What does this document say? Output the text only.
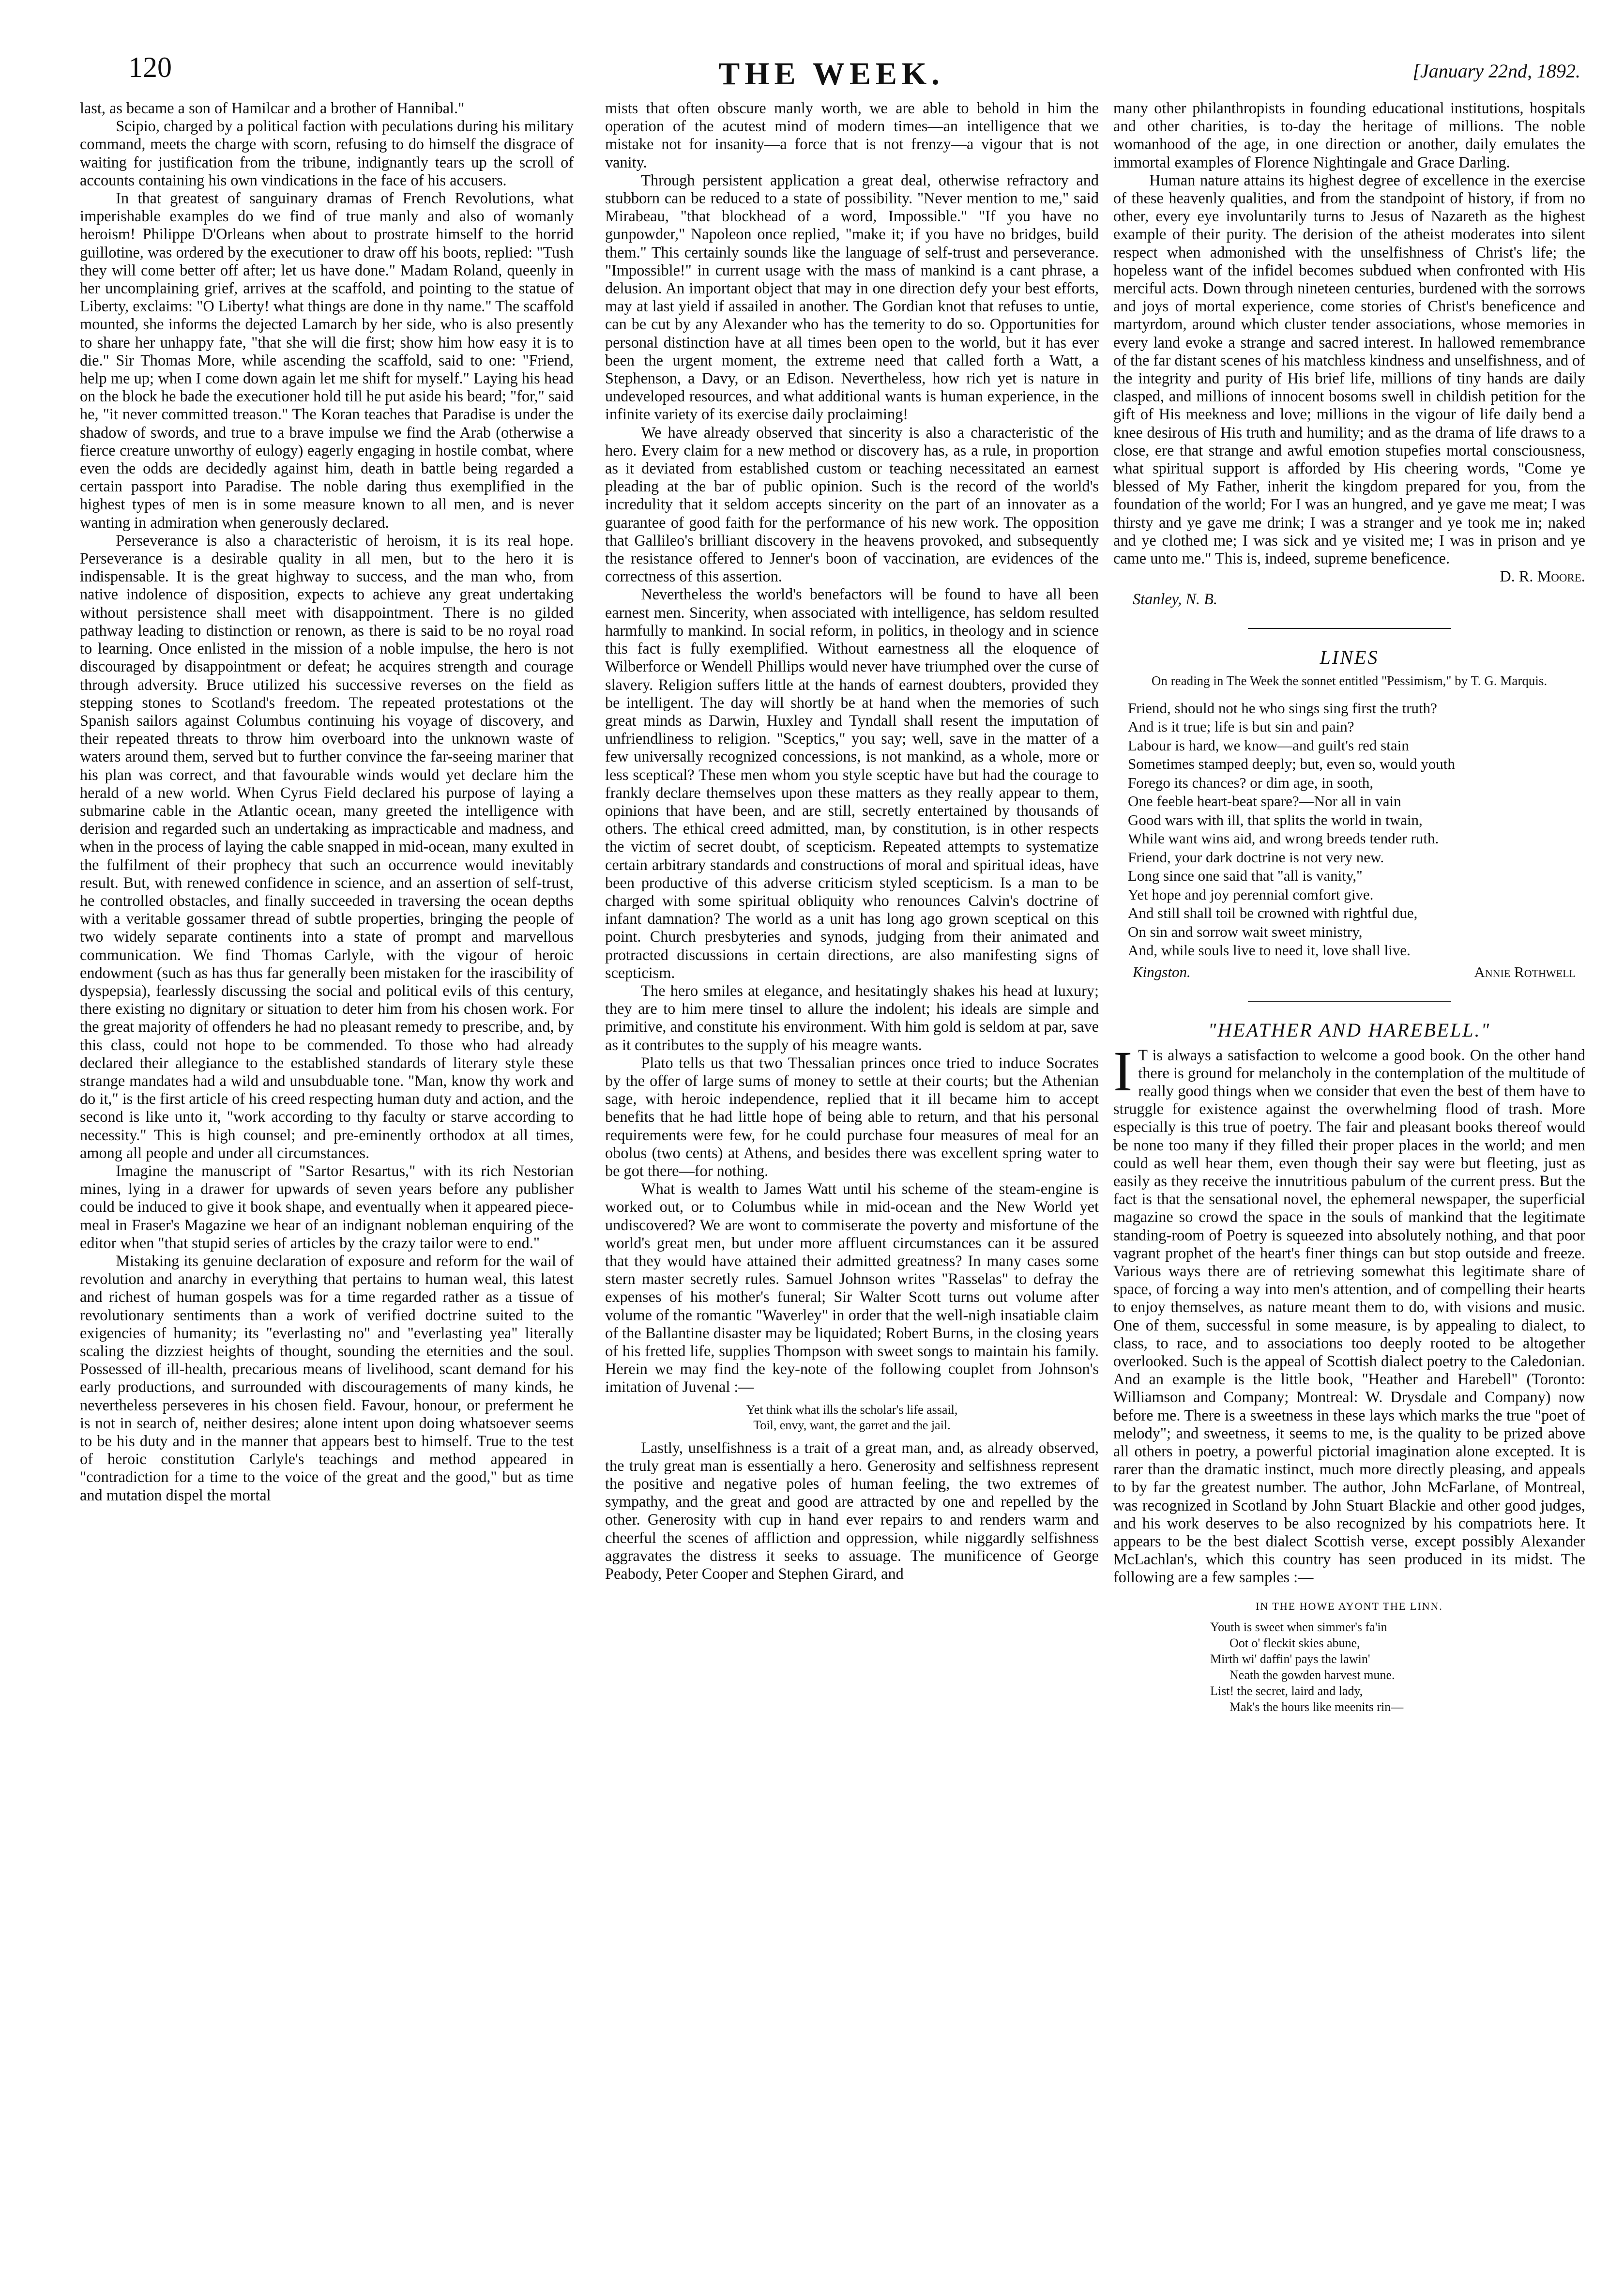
120	THE WEEK.	[January 22nd, 1892.

last, as became a son of Hamilcar and a brother of Hannibal."

Scipio, charged by a political faction with peculations during his military command, meets the charge with scorn, refusing to do himself the disgrace of waiting for justification from the tribune, indignantly tears up the scroll of accounts containing his own vindications in the face of his accusers.

In that greatest of sanguinary dramas of French Revolutions, what imperishable examples do we find of true manly and also of womanly heroism! Philippe D'Orleans when about to prostrate himself to the horrid guillotine, was ordered by the executioner to draw off his boots, replied: "Tush they will come better off after; let us have done." Madam Roland, queenly in her uncomplaining grief, arrives at the scaffold, and pointing to the statue of Liberty, exclaims: "O Liberty! what things are done in thy name." The scaffold mounted, she informs the dejected Lamarch by her side, who is also presently to share her unhappy fate, "that she will die first; show him how easy it is to die." Sir Thomas More, while ascending the scaffold, said to one: "Friend, help me up; when I come down again let me shift for myself." Laying his head on the block he bade the executioner hold till he put aside his beard; "for," said he, "it never committed treason." The Koran teaches that Paradise is under the shadow of swords, and true to a brave impulse we find the Arab (otherwise a fierce creature unworthy of eulogy) eagerly engaging in hostile combat, where even the odds are decidedly against him, death in battle being regarded a certain passport into Paradise. The noble daring thus exemplified in the highest types of men is in some measure known to all men, and is never wanting in admiration when generously declared.

Perseverance is also a characteristic of heroism, it is its real hope. Perseverance is a desirable quality in all men, but to the hero it is indispensable. It is the great highway to success, and the man who, from native indolence of disposition, expects to achieve any great undertaking without persistence shall meet with disappointment. There is no gilded pathway leading to distinction or renown, as there is said to be no royal road to learning. Once enlisted in the mission of a noble impulse, the hero is not discouraged by disappointment or defeat; he acquires strength and courage through adversity. Bruce utilized his successive reverses on the field as stepping stones to Scotland's freedom. The repeated protestations ot the Spanish sailors against Columbus continuing his voyage of discovery, and their repeated threats to throw him overboard into the unknown waste of waters around them, served but to further convince the far-seeing mariner that his plan was correct, and that favourable winds would yet declare him the herald of a new world. When Cyrus Field declared his purpose of laying a submarine cable in the Atlantic ocean, many greeted the intelligence with derision and regarded such an undertaking as impracticable and madness, and when in the process of laying the cable snapped in mid-ocean, many exulted in the fulfilment of their prophecy that such an occurrence would inevitably result. But, with renewed confidence in science, and an assertion of self-trust, he controlled obstacles, and finally succeeded in traversing the ocean depths with a veritable gossamer thread of subtle properties, bringing the people of two widely separate continents into a state of prompt and marvellous communication. We find Thomas Carlyle, with the vigour of heroic endowment (such as has thus far generally been mistaken for the irascibility of dyspepsia), fearlessly discussing the social and political evils of this century, there existing no dignitary or situation to deter him from his chosen work. For the great majority of offenders he had no pleasant remedy to prescribe, and, by this class, could not hope to be commended. To those who had already declared their allegiance to the established standards of literary style these strange mandates had a wild and unsubduable tone. "Man, know thy work and do it," is the first article of his creed respecting human duty and action, and the second is like unto it, "work according to thy faculty or starve according to necessity." This is high counsel; and pre-eminently orthodox at all times, among all people and under all circumstances.

Imagine the manuscript of "Sartor Resartus," with its rich Nestorian mines, lying in a drawer for upwards of seven years before any publisher could be induced to give it book shape, and eventually when it appeared piece-meal in Fraser's Magazine we hear of an indignant nobleman enquiring of the editor when "that stupid series of articles by the crazy tailor were to end."

Mistaking its genuine declaration of exposure and reform for the wail of revolution and anarchy in everything that pertains to human weal, this latest and richest of human gospels was for a time regarded rather as a tissue of revolutionary sentiments than a work of verified doctrine suited to the exigencies of humanity; its "everlasting no" and "everlasting yea" literally scaling the dizziest heights of thought, sounding the eternities and the soul. Possessed of ill-health, precarious means of livelihood, scant demand for his early productions, and surrounded with discouragements of many kinds, he nevertheless perseveres in his chosen field. Favour, honour, or preferment he is not in search of, neither desires; alone intent upon doing whatsoever seems to be his duty and in the manner that appears best to himself. True to the test of heroic constitution Carlyle's teachings and method appeared in "contradiction for a time to the voice of the great and the good," but as time and mutation dispel the mortal

mists that often obscure manly worth, we are able to behold in him the operation of the acutest mind of modern times—an intelligence that we mistake not for insanity—a force that is not frenzy—a vigour that is not vanity.

Through persistent application a great deal, otherwise refractory and stubborn can be reduced to a state of possibility. "Never mention to me," said Mirabeau, "that blockhead of a word, Impossible." "If you have no gunpowder," Napoleon once replied, "make it; if you have no bridges, build them." This certainly sounds like the language of self-trust and perseverance. "Impossible!" in current usage with the mass of mankind is a cant phrase, a delusion. An important object that may in one direction defy your best efforts, may at last yield if assailed in another. The Gordian knot that refuses to untie, can be cut by any Alexander who has the temerity to do so. Opportunities for personal distinction have at all times been open to the world, but it has ever been the urgent moment, the extreme need that called forth a Watt, a Stephenson, a Davy, or an Edison. Nevertheless, how rich yet is nature in undeveloped resources, and what additional wants is human experience, in the infinite variety of its exercise daily proclaiming!

We have already observed that sincerity is also a characteristic of the hero. Every claim for a new method or discovery has, as a rule, in proportion as it deviated from established custom or teaching necessitated an earnest pleading at the bar of public opinion. Such is the record of the world's incredulity that it seldom accepts sincerity on the part of an innovater as a guarantee of good faith for the performance of his new work. The opposition that Gallileo's brilliant discovery in the heavens provoked, and subsequently the resistance offered to Jenner's boon of vaccination, are evidences of the correctness of this assertion.

Nevertheless the world's benefactors will be found to have all been earnest men. Sincerity, when associated with intelligence, has seldom resulted harmfully to mankind. In social reform, in politics, in theology and in science this fact is fully exemplified. Without earnestness all the eloquence of Wilberforce or Wendell Phillips would never have triumphed over the curse of slavery. Religion suffers little at the hands of earnest doubters, provided they be intelligent. The day will shortly be at hand when the memories of such great minds as Darwin, Huxley and Tyndall shall resent the imputation of unfriendliness to religion. "Sceptics," you say; well, save in the matter of a few universally recognized concessions, is not mankind, as a whole, more or less sceptical? These men whom you style sceptic have but had the courage to frankly declare themselves upon these matters as they really appear to them, opinions that have been, and are still, secretly entertained by thousands of others. The ethical creed admitted, man, by constitution, is in other respects the victim of secret doubt, of scepticism. Repeated attempts to systematize certain arbitrary standards and constructions of moral and spiritual ideas, have been productive of this adverse criticism styled scepticism. Is a man to be charged with some spiritual obliquity who renounces Calvin's doctrine of infant damnation? The world as a unit has long ago grown sceptical on this point. Church presbyteries and synods, judging from their animated and protracted discussions in certain directions, are also manifesting signs of scepticism.

The hero smiles at elegance, and hesitatingly shakes his head at luxury; they are to him mere tinsel to allure the indolent; his ideals are simple and primitive, and constitute his environment. With him gold is seldom at par, save as it contributes to the supply of his meagre wants.

Plato tells us that two Thessalian princes once tried to induce Socrates by the offer of large sums of money to settle at their courts; but the Athenian sage, with heroic independence, replied that it ill became him to accept benefits that he had little hope of being able to return, and that his personal requirements were few, for he could purchase four measures of meal for an obolus (two cents) at Athens, and besides there was excellent spring water to be got there—for nothing.

What is wealth to James Watt until his scheme of the steam-engine is worked out, or to Columbus while in mid-ocean and the New World yet undiscovered? We are wont to commiserate the poverty and misfortune of the world's great men, but under more affluent circumstances can it be assured that they would have attained their admitted greatness? In many cases some stern master secretly rules. Samuel Johnson writes "Rasselas" to defray the expenses of his mother's funeral; Sir Walter Scott turns out volume after volume of the romantic "Waverley" in order that the well-nigh insatiable claim of the Ballantine disaster may be liquidated; Robert Burns, in the closing years of his fretted life, supplies Thompson with sweet songs to maintain his family. Herein we may find the key-note of the following couplet from Johnson's imitation of Juvenal :—

Yet think what ills the scholar's life assail,
Toil, envy, want, the garret and the jail.

Lastly, unselfishness is a trait of a great man, and, as already observed, the truly great man is essentially a hero. Generosity and selfishness represent the positive and negative poles of human feeling, the two extremes of sympathy, and the great and good are attracted by one and repelled by the other. Generosity with cup in hand ever repairs to and renders warm and cheerful the scenes of affliction and oppression, while niggardly selfishness aggravates the distress it seeks to assuage. The munificence of George Peabody, Peter Cooper and Stephen Girard, and

many other philanthropists in founding educational institutions, hospitals and other charities, is to-day the heritage of millions. The noble womanhood of the age, in one direction or another, daily emulates the immortal examples of Florence Nightingale and Grace Darling.

Human nature attains its highest degree of excellence in the exercise of these heavenly qualities, and from the standpoint of history, if from no other, every eye involuntarily turns to Jesus of Nazareth as the highest example of their purity. The derision of the atheist moderates into silent respect when admonished with the unselfishness of Christ's life; the hopeless want of the infidel becomes subdued when confronted with His merciful acts. Down through nineteen centuries, burdened with the sorrows and joys of mortal experience, come stories of Christ's beneficence and martyrdom, around which cluster tender associations, whose memories in every land evoke a strange and sacred interest. In hallowed remembrance of the far distant scenes of his matchless kindness and unselfishness, and of the integrity and purity of His brief life, millions of tiny hands are daily clasped, and millions of innocent bosoms swell in childish petition for the gift of His meekness and love; millions in the vigour of life daily bend a knee desirous of His truth and humility; and as the drama of life draws to a close, ere that strange and awful emotion stupefies mortal consciousness, what spiritual support is afforded by His cheering words, "Come ye blessed of My Father, inherit the kingdom prepared for you, from the foundation of the world; For I was an hungred, and ye gave me meat; I was thirsty and ye gave me drink; I was a stranger and ye took me in; naked and ye clothed me; I was sick and ye visited me; I was in prison and ye came unto me." This is, indeed, supreme beneficence.

D. R. Moore.
Stanley, N. B.
LINES
On reading in The Week the sonnet entitled "Pessimism," by T. G. Marquis.
Friend, should not he who sings sing first the truth?
And is it true; life is but sin and pain?
Labour is hard, we know—and guilt's red stain
Sometimes stamped deeply; but, even so, would youth
Forego its chances? or dim age, in sooth,
One feeble heart-beat spare?—Nor all in vain
Good wars with ill, that splits the world in twain,
While want wins aid, and wrong breeds tender ruth.
Friend, your dark doctrine is not very new.
Long since one said that "all is vanity,"
Yet hope and joy perennial comfort give.
And still shall toil be crowned with rightful due,
On sin and sorrow wait sweet ministry,
And, while souls live to need it, love shall live.
Kingston.	Annie Rothwell
"HEATHER AND HAREBELL."

I T is always a satisfaction to welcome a good book. On the other hand there is ground for melancholy in the contemplation of the multitude of really good things when we consider that even the best of them have to struggle for existence against the overwhelming flood of trash. More especially is this true of poetry. The fair and pleasant books thereof would be none too many if they filled their proper places in the world; and men could as well hear them, even though their say were but fleeting, just as easily as they receive the innutritious pabulum of the current press. But the fact is that the sensational novel, the ephemeral newspaper, the superficial magazine so crowd the space in the souls of mankind that the legitimate standing-room of Poetry is squeezed into absolutely nothing, and that poor vagrant prophet of the heart's finer things can but stop outside and freeze. Various ways there are of retrieving somewhat this legitimate share of space, of forcing a way into men's attention, and of compelling their hearts to enjoy themselves, as nature meant them to do, with visions and music. One of them, successful in some measure, is by appealing to dialect, to class, to race, and to associations too deeply rooted to be altogether overlooked. Such is the appeal of Scottish dialect poetry to the Caledonian. And an example is the little book, "Heather and Harebell" (Toronto: Williamson and Company; Montreal: W. Drysdale and Company) now before me. There is a sweetness in these lays which marks the true "poet of melody"; and sweetness, it seems to me, is the quality to be prized above all others in poetry, a powerful pictorial imagination alone excepted. It is rarer than the dramatic instinct, much more directly pleasing, and appeals to by far the greatest number. The author, John McFarlane, of Montreal, was recognized in Scotland by John Stuart Blackie and other good judges, and his work deserves to be also recognized by his compatriots here. It appears to be the best dialect Scottish verse, except possibly Alexander McLachlan's, which this country has seen produced in its midst. The following are a few samples :—

IN THE HOWE AYONT THE LINN.
Youth is sweet when simmer's fa'in
Oot o' fleckit skies abune,
Mirth wi' daffin' pays the lawin'
Neath the gowden harvest mune.
List! the secret, laird and lady,
Mak's the hours like meenits rin—
